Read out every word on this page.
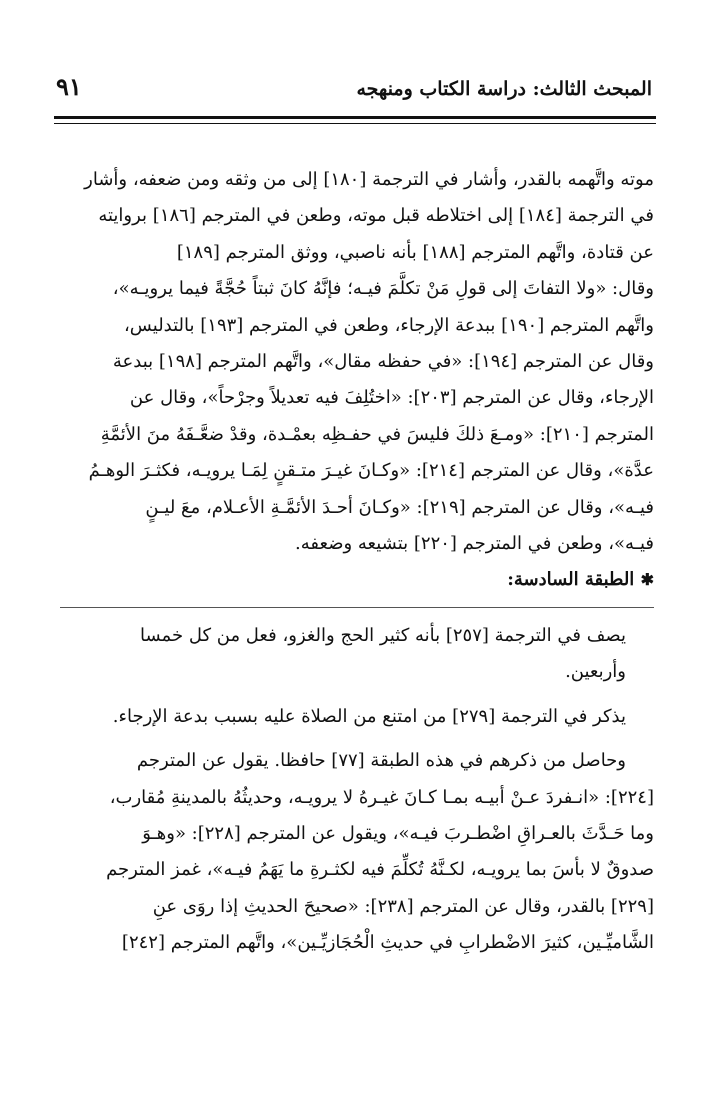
المبحث الثالث: دراسة الكتاب ومنهجه
٩١

موته واتَّهمه بالقدر، وأشار في الترجمة [١٨٠] إلى من وثقه ومن ضعفه، وأشار
في الترجمة [١٨٤] إلى اختلاطه قبل موته، وطعن في المترجم [١٨٦] بروايته
عن قتادة، واتَّهم المترجم [١٨٨] بأنه ناصبي، ووثق المترجم [١٨٩]
وقال: «ولا التفاتَ إلى قولِ مَنْ تكلَّمَ فيـه؛ فإنَّهُ كانَ ثبتاً حُجَّةً فيما يرويـه»،
واتَّهم المترجم [١٩٠] ببدعة الإرجاء، وطعن في المترجم [١٩٣] بالتدليس،
وقال عن المترجم [١٩٤]: «في حفظه مقال»، واتَّهم المترجم [١٩٨] ببدعة
الإرجاء، وقال عن المترجم [٢٠٣]: «اختُلِفَ فيه تعديلاً وجرْحاً»، وقال عن
المترجم [٢١٠]: «ومـعَ ذلكَ فليسَ في حفـظِه بعمْـدة، وقدْ ضعَّـفَهُ منَ الأئمَّةِ
عدَّة»، وقال عن المترجم [٢١٤]: «وكـانَ غيـرَ متـقنٍ لِمَـا يرويـه، فكثـرَ الوهـمُ
فيـه»، وقال عن المترجم [٢١٩]: «وكـانَ أحـدَ الأئمَّـةِ الأعـلام، معَ ليـنٍ
فيـه»، وطعن في المترجم [٢٢٠] بتشيعه وضعفه.

✱ الطبقة السادسة:

يصف في الترجمة [٢٥٧] بأنه كثير الحج والغزو، فعل من كل خمسا
وأربعين.

يذكر في الترجمة [٢٧٩] من امتنع من الصلاة عليه بسبب بدعة الإرجاء.

وحاصل من ذكرهم في هذه الطبقة [٧٧] حافظا. يقول عن المترجم
[٢٢٤]: «انـفردَ عـنْ أبيـه بمـا كـانَ غيـرهُ لا يرويـه، وحديثُهُ بالمدينةِ مُقارب،
وما حَـدَّثَ بالعـراقِ اضْطـربَ فيـه»، ويقول عن المترجم [٢٢٨]: «وهـوَ
صدوقٌ لا بأسَ بما يرويـه، لكـنَّهُ تُكلِّمَ فيه لكثـرةِ ما يَهَمُ فيـه»، غمز المترجم
[٢٢٩] بالقدر، وقال عن المترجم [٢٣٨]: «صحيحَ الحديثِ إذا روَى عنِ
الشَّاميِّـين، كثيرَ الاضْطرابِ في حديثِ الْحُجَازيِّـين»، واتَّهم المترجم [٢٤٢]
